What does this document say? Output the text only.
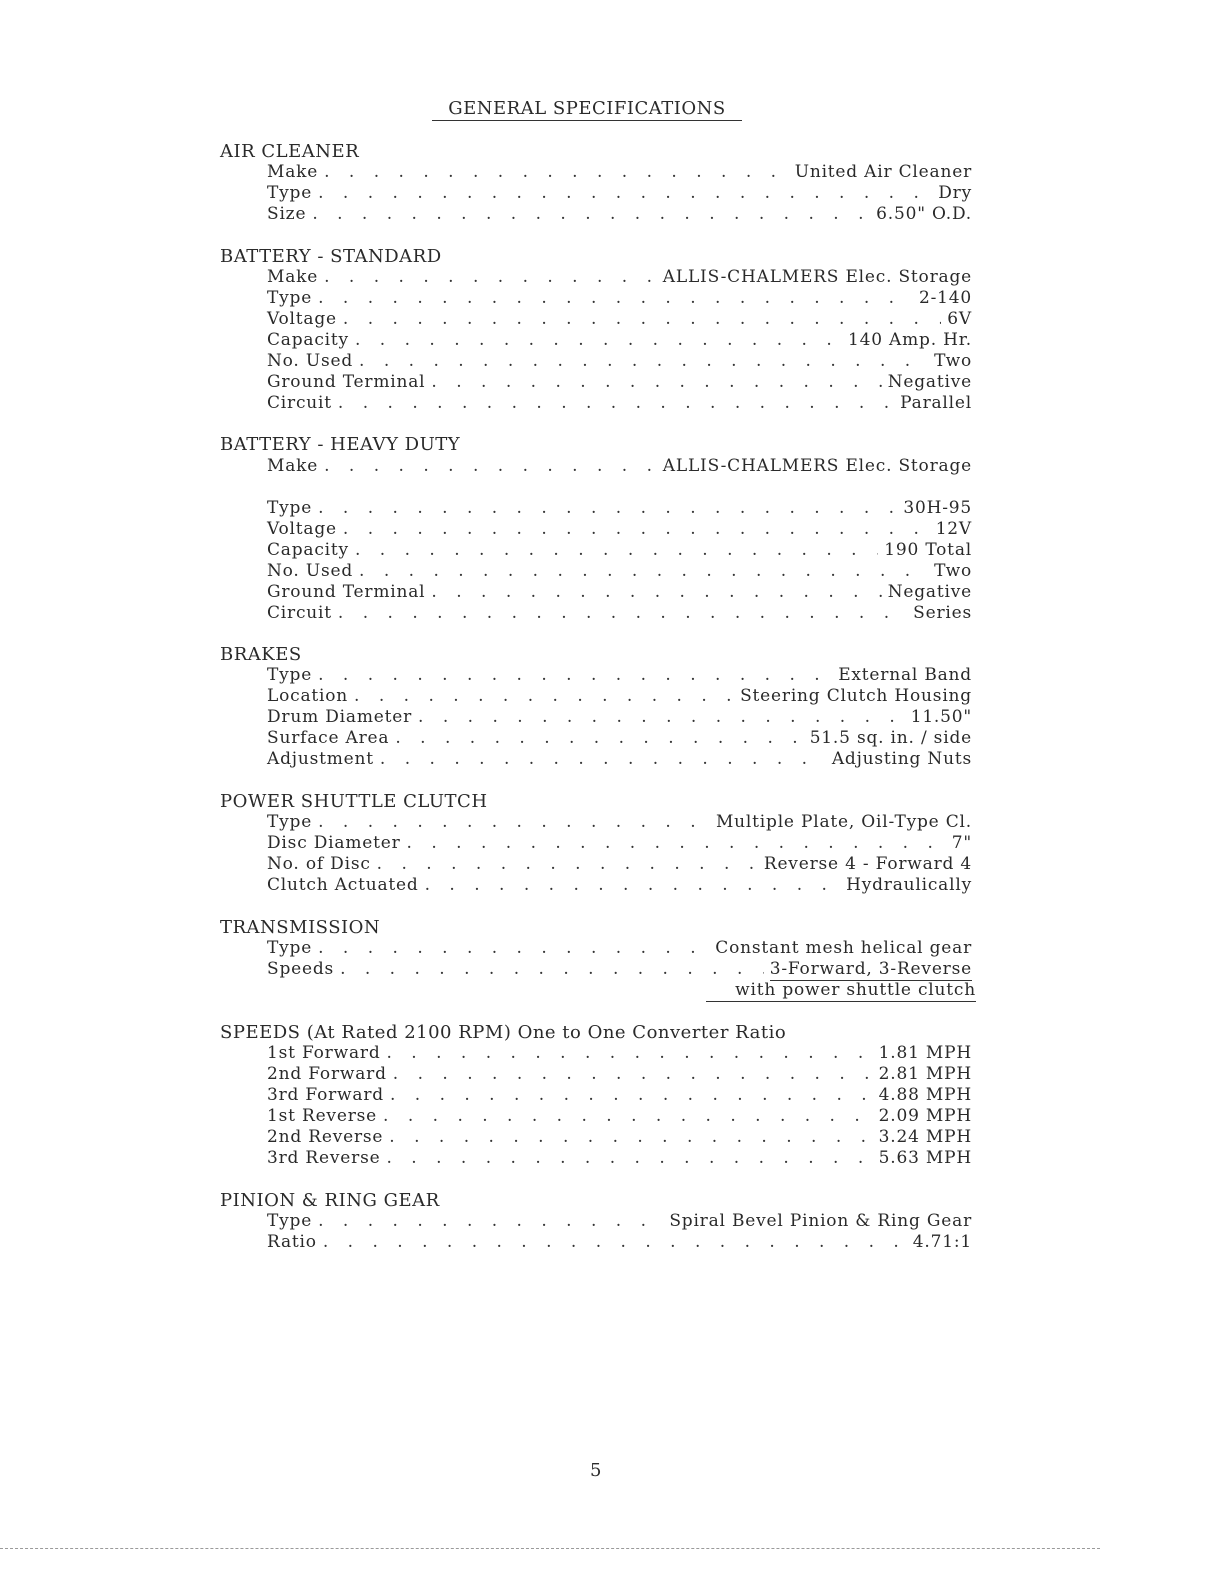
GENERAL SPECIFICATIONS
AIR CLEANER
Make . . .	United Air Cleaner
Type . . .	Dry
Size . . .	6.50" O.D.
BATTERY - STANDARD
Make . . .	ALLIS-CHALMERS Elec. Storage
Type . . .	2-140
Voltage . . .	6V
Capacity . . .	140 Amp. Hr.
No. Used . . .	Two
Ground Terminal . . .	Negative
Circuit . . .	Parallel
BATTERY - HEAVY DUTY
Make . . .	ALLIS-CHALMERS Elec. Storage
Type . . .	30H-95
Voltage . . .	12V
Capacity . . .	190 Total
No. Used . . .	Two
Ground Terminal . . .	Negative
Circuit . . .	Series
BRAKES
Type . . .	External Band
Location . . .	Steering Clutch Housing
Drum Diameter . . .	11.50"
Surface Area . . .	51.5 sq. in. / side
Adjustment . . .	Adjusting Nuts
POWER SHUTTLE CLUTCH
Type . . .	Multiple Plate, Oil-Type Cl.
Disc Diameter . . .	7"
No. of Disc . . .	Reverse 4 - Forward 4
Clutch Actuated . . .	Hydraulically
TRANSMISSION
Type . . .	Constant mesh helical gear
Speeds . . .	3-Forward, 3-Reverse
with power shuttle clutch
SPEEDS (At Rated 2100 RPM) One to One Converter Ratio
1st Forward . . .	1.81 MPH
2nd Forward . . .	2.81 MPH
3rd Forward . . .	4.88 MPH
1st Reverse . . .	2.09 MPH
2nd Reverse . . .	3.24 MPH
3rd Reverse . . .	5.63 MPH
PINION & RING GEAR
Type . . .	Spiral Bevel Pinion & Ring Gear
Ratio . . .	4.71:1
5
